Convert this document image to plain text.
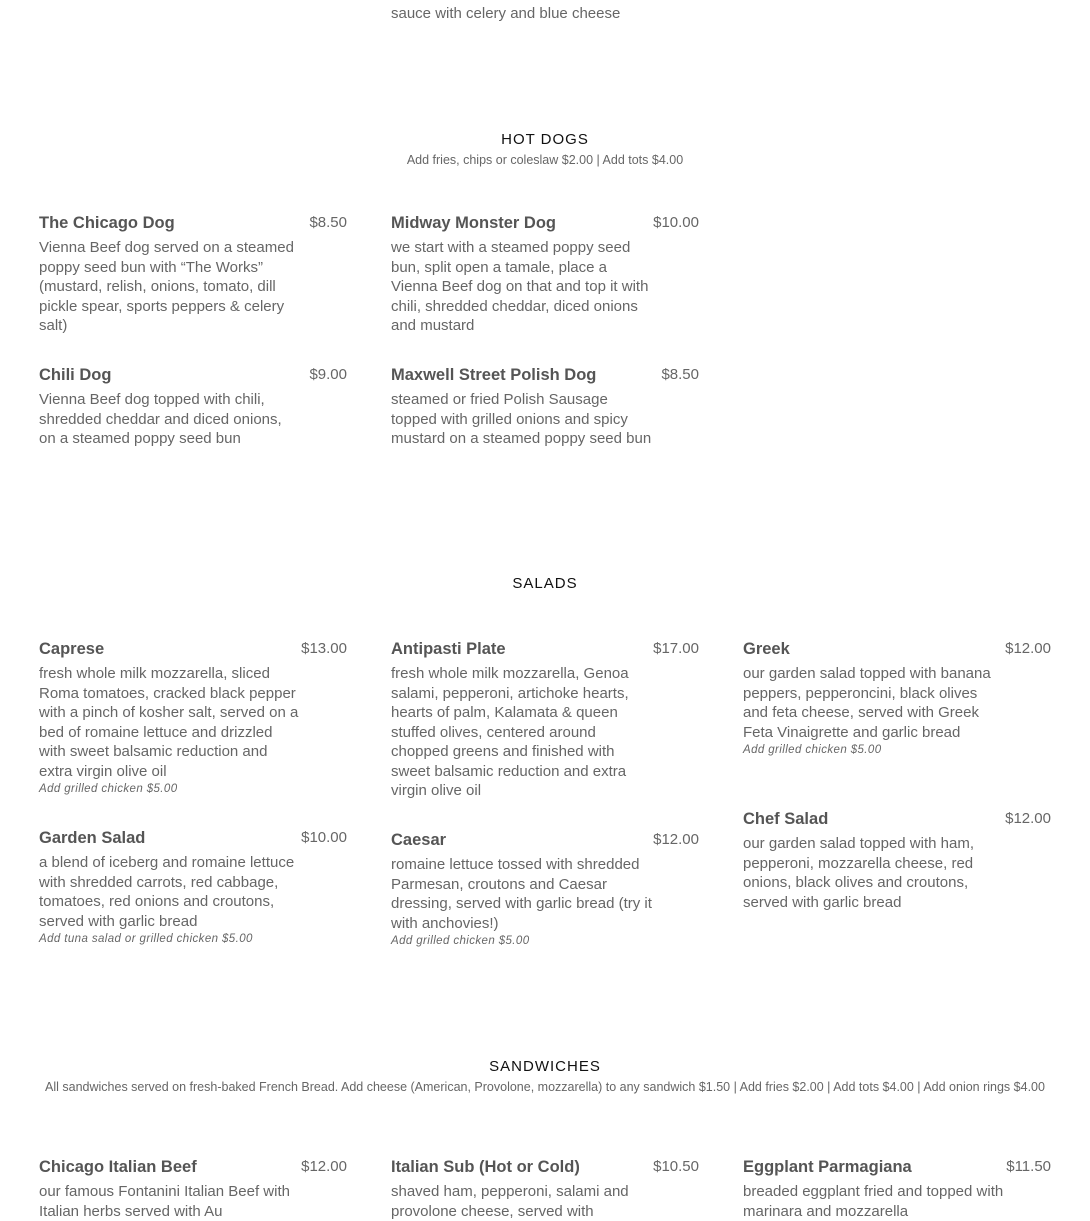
sauce with celery and blue cheese
HOT DOGS
Add fries, chips or coleslaw $2.00 | Add tots $4.00
The Chicago Dog	$8.50
Vienna Beef dog served on a steamed poppy seed bun with “The Works” (mustard, relish, onions, tomato, dill pickle spear, sports peppers & celery salt)
Midway Monster Dog	$10.00
we start with a steamed poppy seed bun, split open a tamale, place a Vienna Beef dog on that and top it with chili, shredded cheddar, diced onions and mustard
Chili Dog	$9.00
Vienna Beef dog topped with chili, shredded cheddar and diced onions, on a steamed poppy seed bun
Maxwell Street Polish Dog	$8.50
steamed or fried Polish Sausage topped with grilled onions and spicy mustard on a steamed poppy seed bun
SALADS
Caprese	$13.00
fresh whole milk mozzarella, sliced Roma tomatoes, cracked black pepper with a pinch of kosher salt, served on a bed of romaine lettuce and drizzled with sweet balsamic reduction and extra virgin olive oil
Add grilled chicken $5.00
Antipasti Plate	$17.00
fresh whole milk mozzarella, Genoa salami, pepperoni, artichoke hearts, hearts of palm, Kalamata & queen stuffed olives, centered around chopped greens and finished with sweet balsamic reduction and extra virgin olive oil
Greek	$12.00
our garden salad topped with banana peppers, pepperoncini, black olives and feta cheese, served with Greek Feta Vinaigrette and garlic bread
Add grilled chicken $5.00
Garden Salad	$10.00
a blend of iceberg and romaine lettuce with shredded carrots, red cabbage, tomatoes, red onions and croutons, served with garlic bread
Add tuna salad or grilled chicken $5.00
Caesar	$12.00
romaine lettuce tossed with shredded Parmesan, croutons and Caesar dressing, served with garlic bread (try it with anchovies!)
Add grilled chicken $5.00
Chef Salad	$12.00
our garden salad topped with ham, pepperoni, mozzarella cheese, red onions, black olives and croutons, served with garlic bread
SANDWICHES
All sandwiches served on fresh-baked French Bread. Add cheese (American, Provolone, mozzarella) to any sandwich $1.50 | Add fries $2.00 | Add tots $4.00 | Add onion rings $4.00
Chicago Italian Beef	$12.00
our famous Fontanini Italian Beef with Italian herbs served with Au
Italian Sub (Hot or Cold)	$10.50
shaved ham, pepperoni, salami and provolone cheese, served with
Eggplant Parmagiana	$11.50
breaded eggplant fried and topped with marinara and mozzarella
